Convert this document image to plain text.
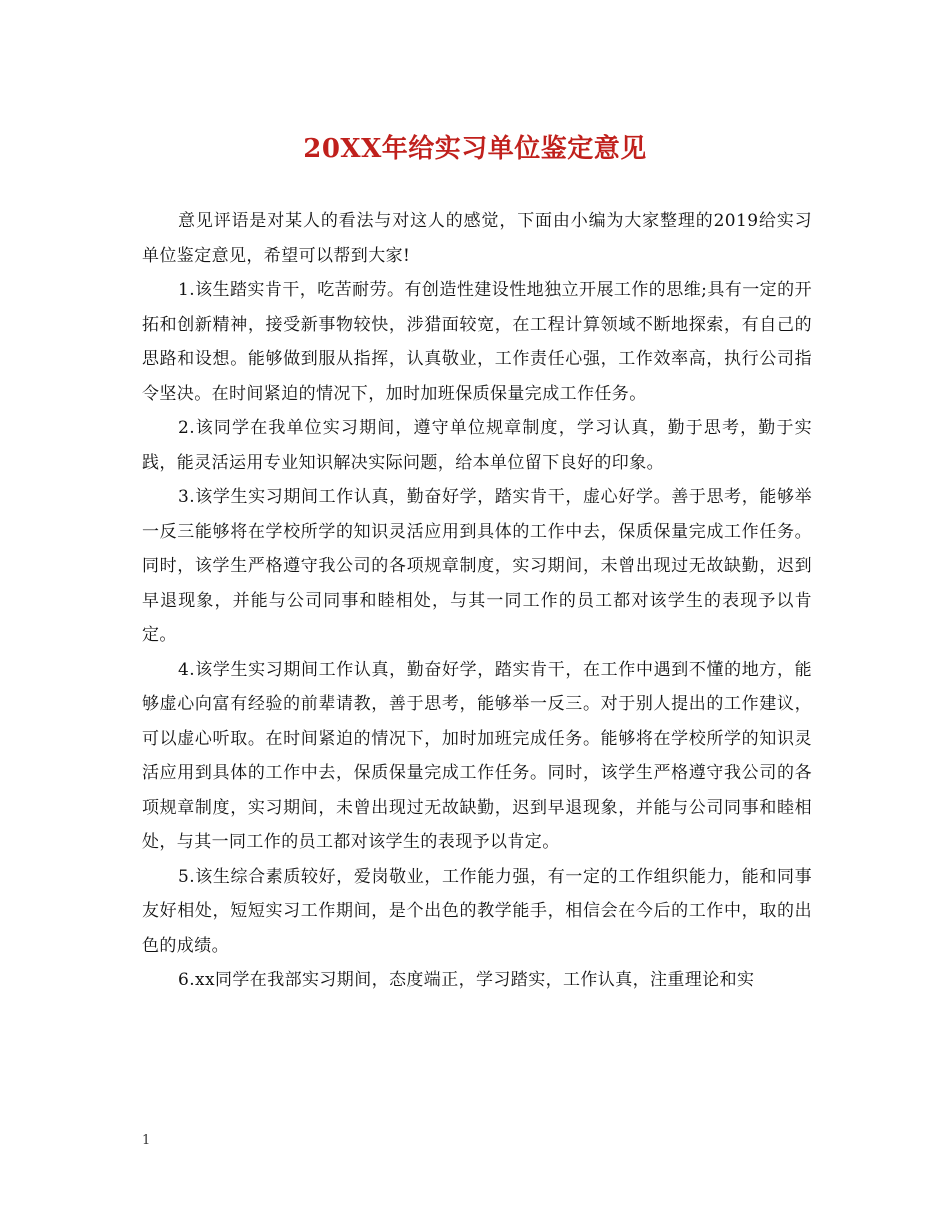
20XX年给实习单位鉴定意见

意见评语是对某人的看法与对这人的感觉，下面由小编为大家整理的2019给实习单位鉴定意见，希望可以帮到大家!

1.该生踏实肯干，吃苦耐劳。有创造性建设性地独立开展工作的思维;具有一定的开拓和创新精神，接受新事物较快，涉猎面较宽，在工程计算领域不断地探索，有自己的思路和设想。能够做到服从指挥，认真敬业，工作责任心强，工作效率高，执行公司指令坚决。在时间紧迫的情况下，加时加班保质保量完成工作任务。

2.该同学在我单位实习期间，遵守单位规章制度，学习认真，勤于思考，勤于实践，能灵活运用专业知识解决实际问题，给本单位留下良好的印象。

3.该学生实习期间工作认真，勤奋好学，踏实肯干，虚心好学。善于思考，能够举一反三能够将在学校所学的知识灵活应用到具体的工作中去，保质保量完成工作任务。同时，该学生严格遵守我公司的各项规章制度，实习期间，未曾出现过无故缺勤，迟到早退现象，并能与公司同事和睦相处，与其一同工作的员工都对该学生的表现予以肯定。

4.该学生实习期间工作认真，勤奋好学，踏实肯干，在工作中遇到不懂的地方，能够虚心向富有经验的前辈请教，善于思考，能够举一反三。对于别人提出的工作建议，可以虚心听取。在时间紧迫的情况下，加时加班完成任务。能够将在学校所学的知识灵活应用到具体的工作中去，保质保量完成工作任务。同时，该学生严格遵守我公司的各项规章制度，实习期间，未曾出现过无故缺勤，迟到早退现象，并能与公司同事和睦相处，与其一同工作的员工都对该学生的表现予以肯定。

5.该生综合素质较好，爱岗敬业，工作能力强，有一定的工作组织能力，能和同事友好相处，短短实习工作期间，是个出色的教学能手，相信会在今后的工作中，取的出色的成绩。

6.xx同学在我部实习期间，态度端正，学习踏实，工作认真，注重理论和实

1
